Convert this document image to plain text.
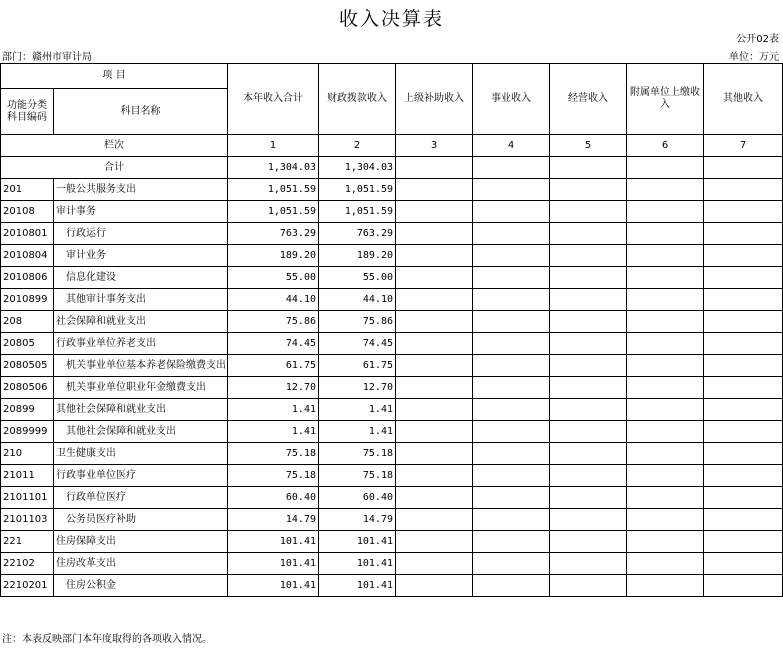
收入决算表
公开02表
部门：赣州市审计局	单位：万元
项 目		本年收入合计	财政拨款收入	上级补助收入	事业收入	经营收入	附属单位上缴收入	其他收入
功能分类科目编码	科目名称							
栏次		1	2	3	4	5	6	7
合计		1,304.03	1,304.03					
201	一般公共服务支出	1,051.59	1,051.59					
20108	审计事务	1,051.59	1,051.59					
2010801	行政运行	763.29	763.29					
2010804	审计业务	189.20	189.20					
2010806	信息化建设	55.00	55.00					
2010899	其他审计事务支出	44.10	44.10					
208	社会保障和就业支出	75.86	75.86					
20805	行政事业单位养老支出	74.45	74.45					
2080505	机关事业单位基本养老保险缴费支出	61.75	61.75					
2080506	机关事业单位职业年金缴费支出	12.70	12.70					
20899	其他社会保障和就业支出	1.41	1.41					
2089999	其他社会保障和就业支出	1.41	1.41					
210	卫生健康支出	75.18	75.18					
21011	行政事业单位医疗	75.18	75.18					
2101101	行政单位医疗	60.40	60.40					
2101103	公务员医疗补助	14.79	14.79					
221	住房保障支出	101.41	101.41					
22102	住房改革支出	101.41	101.41					
2210201	住房公积金	101.41	101.41					
注：本表反映部门本年度取得的各项收入情况。
